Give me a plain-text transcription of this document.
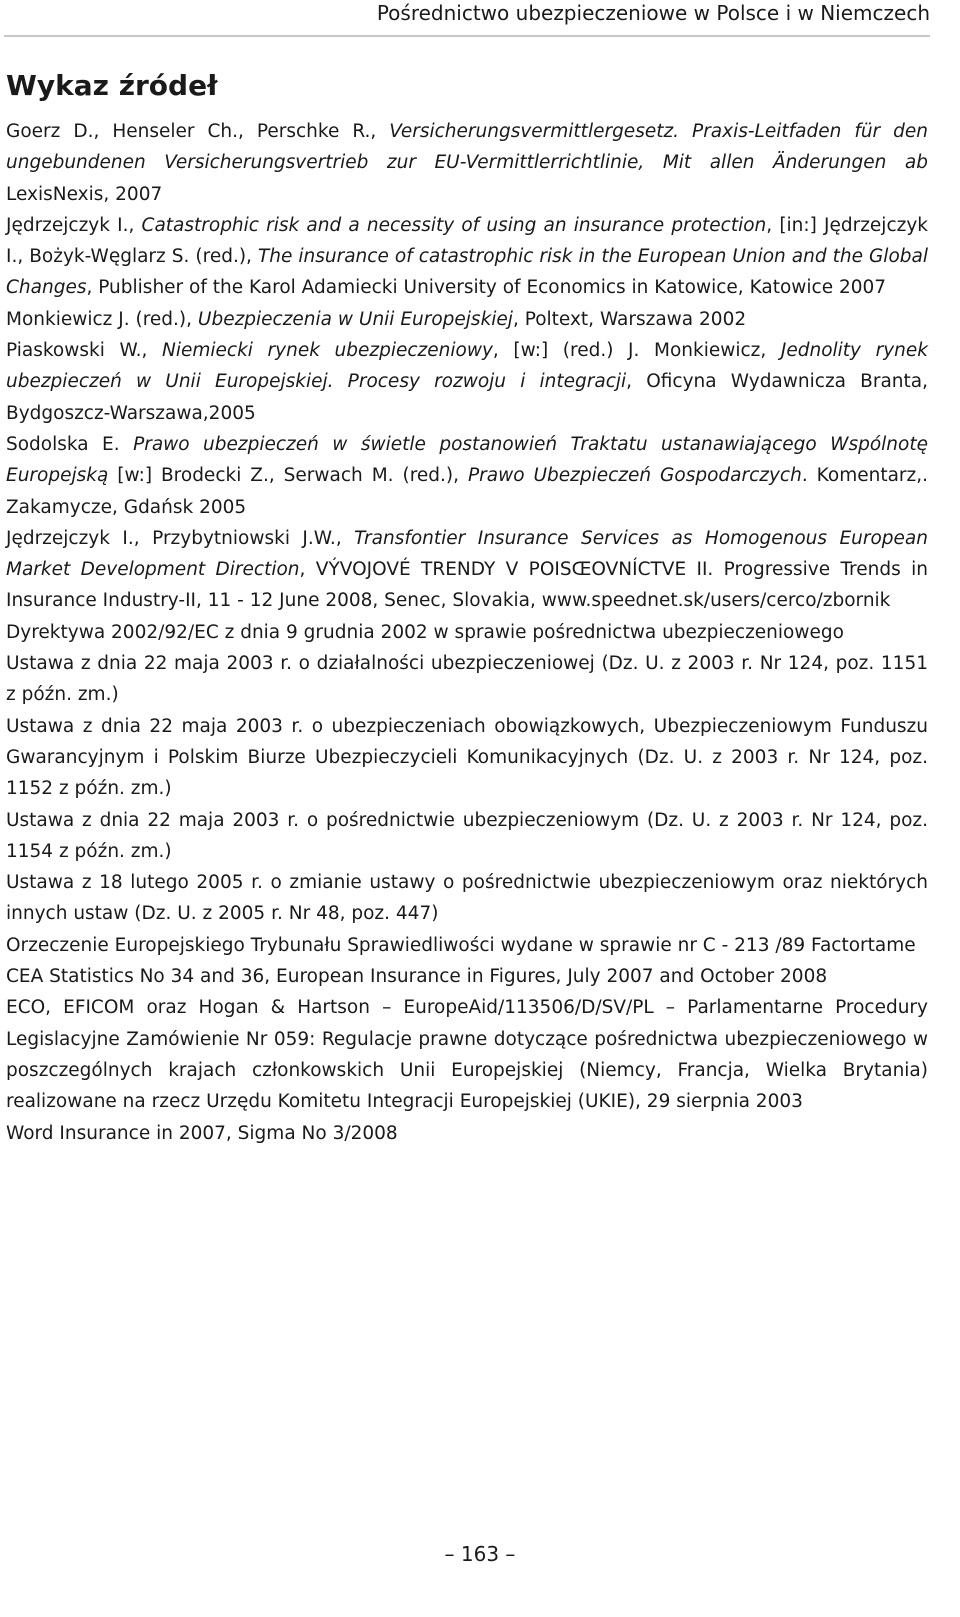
Pośrednictwo ubezpieczeniowe w Polsce i w Niemczech
Wykaz źródeł

Goerz D., Henseler Ch., Perschke R., Versicherungsvermittlergesetz. Praxis-Leitfaden für den ungebundenen Versicherungsvertrieb zur EU-Vermittlerrichtlinie, Mit allen Änderungen ab LexisNexis, 2007

Jędrzejczyk I., Catastrophic risk and a necessity of using an insurance protection, [in:] Jędrzejczyk I., Bożyk-Węglarz S. (red.), The insurance of catastrophic risk in the European Union and the Global Changes, Publisher of the Karol Adamiecki University of Economics in Katowice, Katowice 2007

Monkiewicz J. (red.), Ubezpieczenia w Unii Europejskiej, Poltext, Warszawa 2002

Piaskowski W., Niemiecki rynek ubezpieczeniowy, [w:] (red.) J. Monkiewicz, Jednolity rynek ubezpieczeń w Unii Europejskiej. Procesy rozwoju i integracji, Oficyna Wydawnicza Branta, Bydgoszcz-Warszawa,2005

Sodolska E. Prawo ubezpieczeń w świetle postanowień Traktatu ustanawiającego Wspólnotę Europejską [w:] Brodecki Z., Serwach M. (red.), Prawo Ubezpieczeń Gospodarczych. Komentarz,. Zakamycze, Gdańsk 2005

Jędrzejczyk I., Przybytniowski J.W., Transfontier Insurance Services as Homogenous European Market Development Direction, VÝVOJOVÉ TRENDY V POISŒOVNÍCTVE II. Progressive Trends in Insurance Industry-II, 11 - 12 June 2008, Senec, Slovakia, www.speednet.sk/users/cerco/zbornik

Dyrektywa 2002/92/EC z dnia 9 grudnia 2002 w sprawie pośrednictwa ubezpieczeniowego

Ustawa z dnia 22 maja 2003 r. o działalności ubezpieczeniowej (Dz. U. z 2003 r. Nr 124, poz. 1151 z późn. zm.)

Ustawa z dnia 22 maja 2003 r. o ubezpieczeniach obowiązkowych, Ubezpieczeniowym Funduszu Gwarancyjnym i Polskim Biurze Ubezpieczycieli Komunikacyjnych (Dz. U. z 2003 r. Nr 124, poz. 1152 z późn. zm.)

Ustawa z dnia 22 maja 2003 r. o pośrednictwie ubezpieczeniowym (Dz. U. z 2003 r. Nr 124, poz. 1154 z późn. zm.)

Ustawa z 18 lutego 2005 r. o zmianie ustawy o pośrednictwie ubezpieczeniowym oraz niektórych innych ustaw (Dz. U. z 2005 r. Nr 48, poz. 447)

Orzeczenie Europejskiego Trybunału Sprawiedliwości wydane w sprawie nr C - 213 /89 Factortame

CEA Statistics No 34 and 36, European Insurance in Figures, July 2007 and October 2008

ECO, EFICOM oraz Hogan & Hartson – EuropeAid/113506/D/SV/PL – Parlamentarne Procedury Legislacyjne Zamówienie Nr 059: Regulacje prawne dotyczące pośrednictwa ubezpieczeniowego w poszczególnych krajach członkowskich Unii Europejskiej (Niemcy, Francja, Wielka Brytania) realizowane na rzecz Urzędu Komitetu Integracji Europejskiej (UKIE), 29 sierpnia 2003

Word Insurance in 2007, Sigma No 3/2008

– 163 –
